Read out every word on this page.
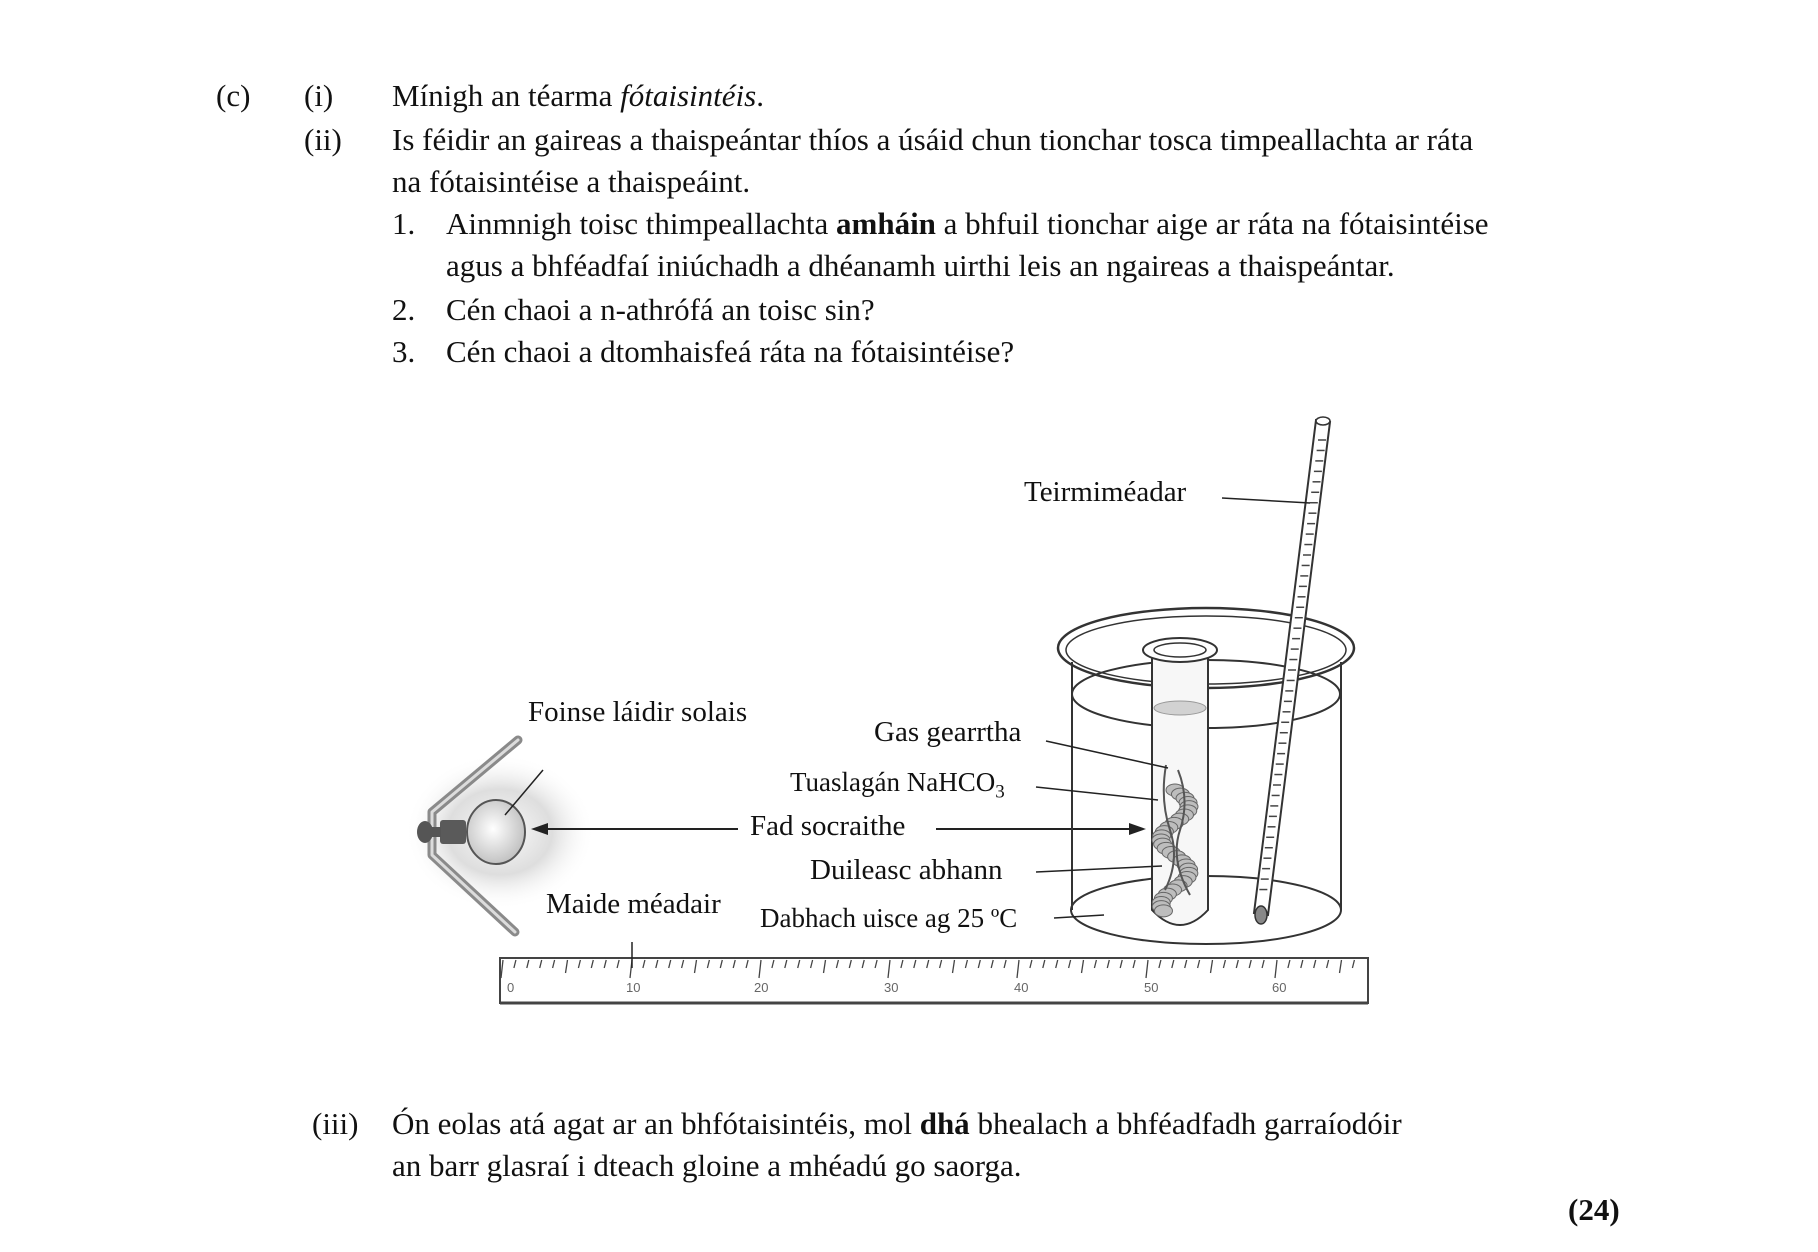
(c) (i) Mínigh an téarma fótaisintéis.
(ii) Is féidir an gaireas a thaispeántar thíos a úsáid chun tionchar tosca timpeallachta ar ráta
na fótaisintéise a thaispeáint.
1. Ainmnigh toisc thimpeallachta amháin a bhfuil tionchar aige ar ráta na fótaisintéise
agus a bhféadfaí iniúchadh a dhéanamh uirthi leis an ngaireas a thaispeántar.
2. Cén chaoi a n-athrófá an toisc sin?
3. Cén chaoi a dtomhaisfeá ráta na fótaisintéise?
0	10	20	30	40	50	60
Teirmiméadar
Foinse láidir solais
Gas gearrtha
Tuaslagán NaHCO$_3$
Fad socraithe
Duileasc abhann
Maide méadair Dabhach uisce ag 25 ºC
(iii) Ón eolas atá agat ar an bhfótaisintéis, mol dhá bhealach a bhféadfadh garraíodóir
an barr glasraí i dteach gloine a mhéadú go saorga.
(24)
